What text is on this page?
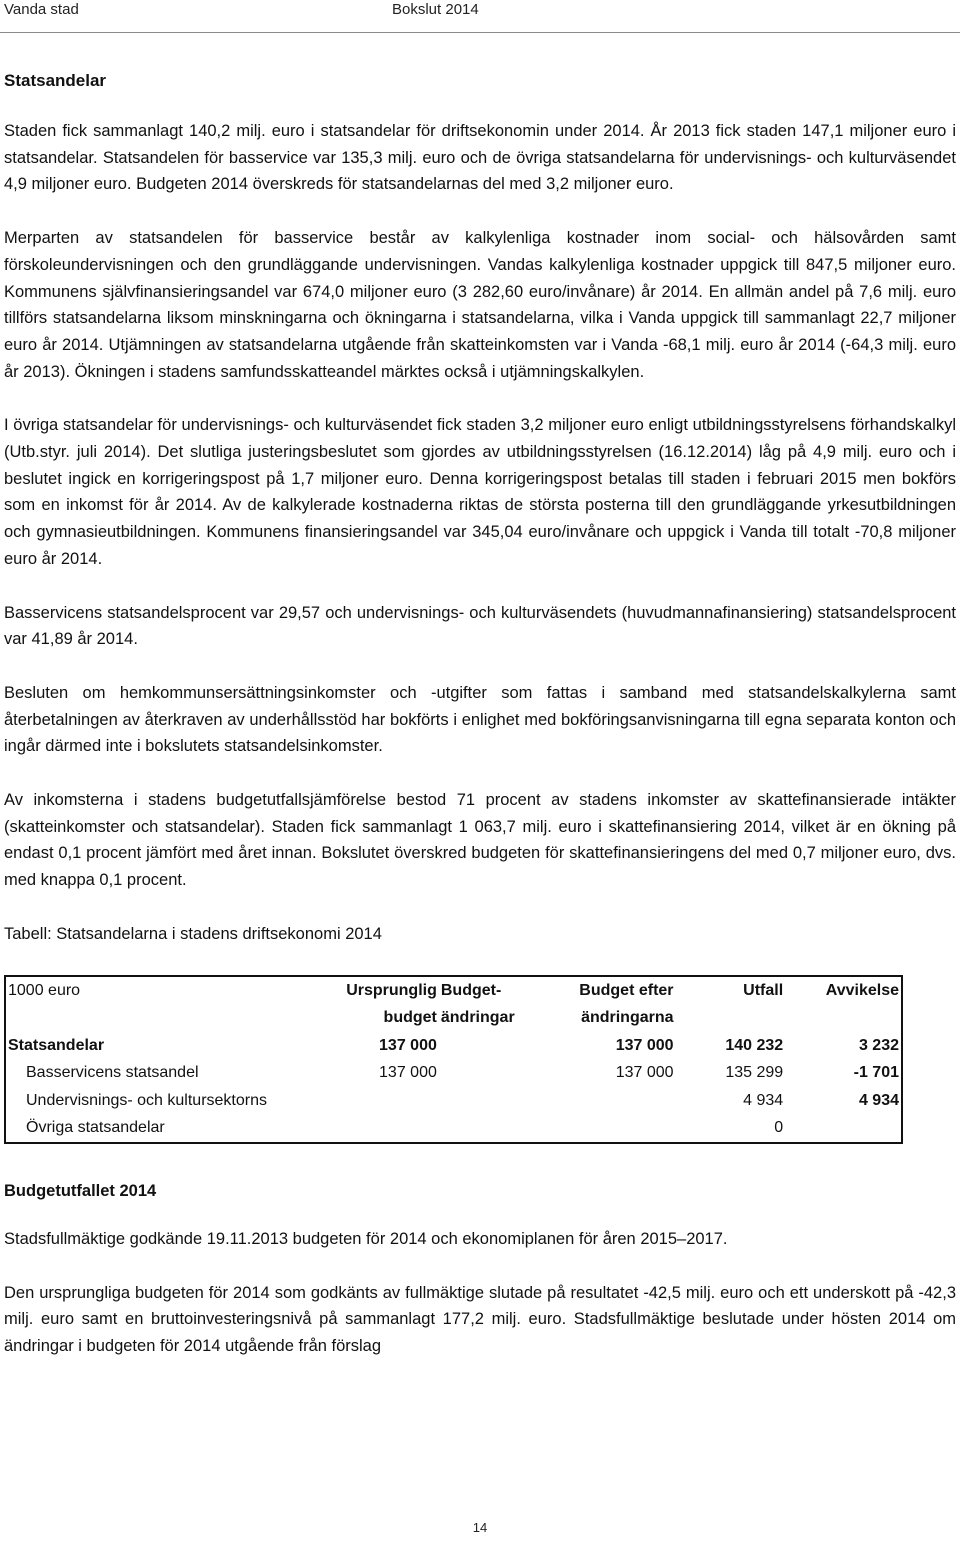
Vanda stad	Bokslut 2014
Statsandelar

Staden fick sammanlagt 140,2 milj. euro i statsandelar för driftsekonomin under 2014. År 2013 fick staden 147,1 miljoner euro i statsandelar. Statsandelen för basservice var 135,3 milj. euro och de övriga statsandelarna för undervisnings- och kulturväsendet 4,9 miljoner euro. Budgeten 2014 överskreds för statsandelarnas del med 3,2 miljoner euro.

Merparten av statsandelen för basservice består av kalkylenliga kostnader inom social- och hälsovården samt förskoleundervisningen och den grundläggande undervisningen. Vandas kalkylenliga kostnader uppgick till 847,5 miljoner euro. Kommunens självfinansieringsandel var 674,0 miljoner euro (3 282,60 euro/invånare) år 2014. En allmän andel på 7,6 milj. euro tillförs statsandelarna liksom minskningarna och ökningarna i statsandelarna, vilka i Vanda uppgick till sammanlagt 22,7 miljoner euro år 2014. Utjämningen av statsandelarna utgående från skatteinkomsten var i Vanda -68,1 milj. euro år 2014 (-64,3 milj. euro år 2013). Ökningen i stadens samfundsskatteandel märktes också i utjämningskalkylen.

I övriga statsandelar för undervisnings- och kulturväsendet fick staden 3,2 miljoner euro enligt utbildningsstyrelsens förhandskalkyl (Utb.styr. juli 2014). Det slutliga justeringsbeslutet som gjordes av utbildningsstyrelsen (16.12.2014) låg på 4,9 milj. euro och i beslutet ingick en korrigeringspost på 1,7 miljoner euro. Denna korrigeringspost betalas till staden i februari 2015 men bokförs som en inkomst för år 2014. Av de kalkylerade kostnaderna riktas de största posterna till den grundläggande yrkesutbildningen och gymnasieutbildningen. Kommunens finansieringsandel var 345,04 euro/invånare och uppgick i Vanda till totalt -70,8 miljoner euro år 2014.

Basservicens statsandelsprocent var 29,57 och undervisnings- och kulturväsendets (huvudmannafinansiering) statsandelsprocent var 41,89 år 2014.

Besluten om hemkommunsersättningsinkomster och -utgifter som fattas i samband med statsandelskalkylerna samt återbetalningen av återkraven av underhållsstöd har bokförts i enlighet med bokföringsanvisningarna till egna separata konton och ingår därmed inte i bokslutets statsandelsinkomster.

Av inkomsterna i stadens budgetutfallsjämförelse bestod 71 procent av stadens inkomster av skattefinansierade intäkter (skatteinkomster och statsandelar). Staden fick sammanlagt 1 063,7 milj. euro i skattefinansiering 2014, vilket är en ökning på endast 0,1 procent jämfört med året innan. Bokslutet överskred budgeten för skattefinansieringens del med 0,7 miljoner euro, dvs. med knappa 0,1 procent.

Tabell: Statsandelarna i stadens driftsekonomi 2014
1000 euro	Ursprunglig budget	Budget-ändringar	Budget efter ändringarna	Utfall	Avvikelse
Statsandelar	137 000		137 000	140 232	3 232
Basservicens statsandel	137 000		137 000	135 299	-1 701
Undervisnings- och kultursektorns				4 934	4 934
Övriga statsandelar				0	
Budgetutfallet 2014

Stadsfullmäktige godkände 19.11.2013 budgeten för 2014 och ekonomiplanen för åren 2015–2017.

Den ursprungliga budgeten för 2014 som godkänts av fullmäktige slutade på resultatet -42,5 milj. euro och ett underskott på -42,3 milj. euro samt en bruttoinvesteringsnivå på sammanlagt 177,2 milj. euro. Stadsfullmäktige beslutade under hösten 2014 om ändringar i budgeten för 2014 utgående från förslag

14
